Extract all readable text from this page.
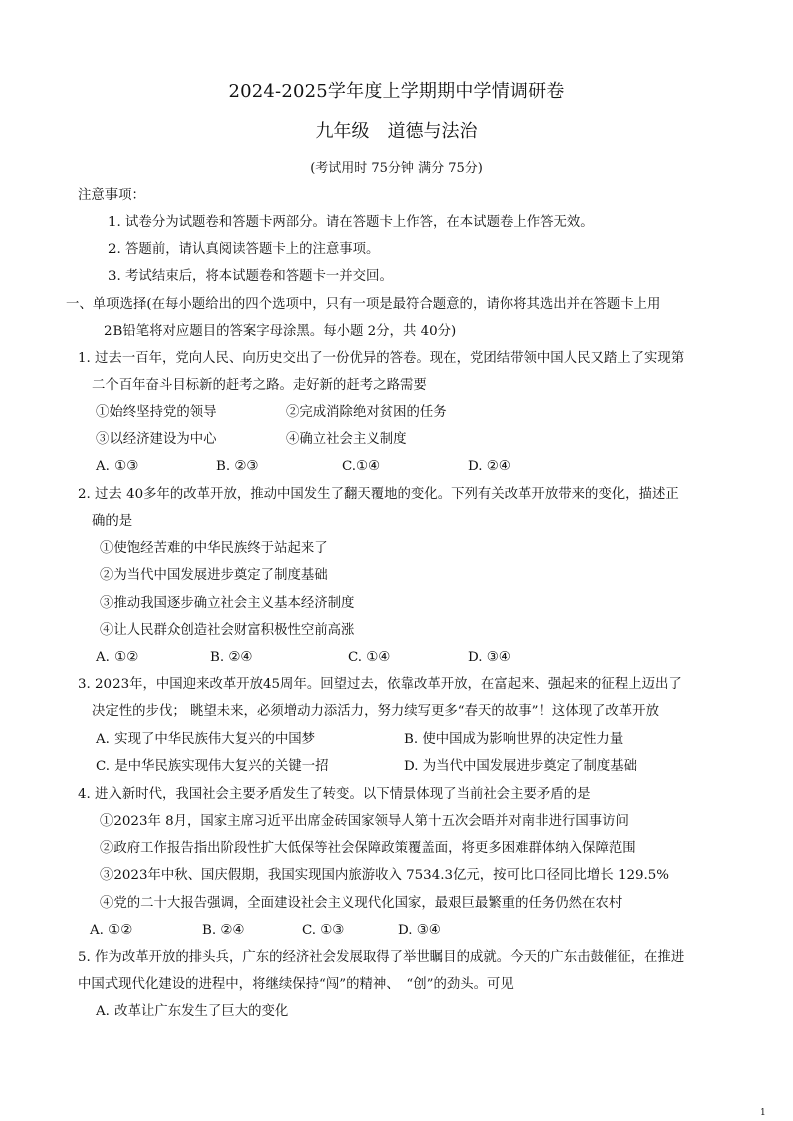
2024-2025学年度上学期期中学情调研卷
九年级　道德与法治
(考试用时 75分钟 满分 75分)
注意事项：
1. 试卷分为试题卷和答题卡两部分。请在答题卡上作答，在本试题卷上作答无效。
2. 答题前，请认真阅读答题卡上的注意事项。
3. 考试结束后，将本试题卷和答题卡一并交回。
一、单项选择(在每小题给出的四个选项中，只有一项是最符合题意的，请你将其选出并在答题卡上用
2B铅笔将对应题目的答案字母涂黑。每小题 2分，共 40分)
1. 过去一百年，党向人民、向历史交出了一份优异的答卷。现在，党团结带领中国人民又踏上了实现第
二个百年奋斗目标新的赶考之路。走好新的赶考之路需要
①始终坚持党的领导	②完成消除绝对贫困的任务
③以经济建设为中心	④确立社会主义制度
A. ①③	B. ②③	C.①④	D. ②④
2. 过去 40多年的改革开放，推动中国发生了翻天覆地的变化。下列有关改革开放带来的变化，描述正
确的是
①使饱经苦难的中华民族终于站起来了
②为当代中国发展进步奠定了制度基础
③推动我国逐步确立社会主义基本经济制度
④让人民群众创造社会财富积极性空前高涨
A. ①②	B. ②④	C. ①④	D. ③④
3. 2023年，中国迎来改革开放45周年。回望过去，依靠改革开放，在富起来、强起来的征程上迈出了
决定性的步伐； 眺望未来，必须增动力添活力，努力续写更多“春天的故事”！这体现了改革开放
A. 实现了中华民族伟大复兴的中国梦	B. 使中国成为影响世界的决定性力量
C. 是中华民族实现伟大复兴的关键一招	D. 为当代中国发展进步奠定了制度基础
4. 进入新时代，我国社会主要矛盾发生了转变。以下情景体现了当前社会主要矛盾的是
①2023年 8月，国家主席习近平出席金砖国家领导人第十五次会晤并对南非进行国事访问
②政府工作报告指出阶段性扩大低保等社会保障政策覆盖面，将更多困难群体纳入保障范围
③2023年中秋、国庆假期，我国实现国内旅游收入 7534.3亿元，按可比口径同比增长 129.5%
④党的二十大报告强调，全面建设社会主义现代化国家，最艰巨最繁重的任务仍然在农村
A. ①②	B. ②④	C. ①③	D. ③④
5. 作为改革开放的排头兵，广东的经济社会发展取得了举世瞩目的成就。今天的广东击鼓催征，在推进
中国式现代化建设的进程中，将继续保持“闯”的精神、　“创”的劲头。可见
A. 改革让广东发生了巨大的变化
1
